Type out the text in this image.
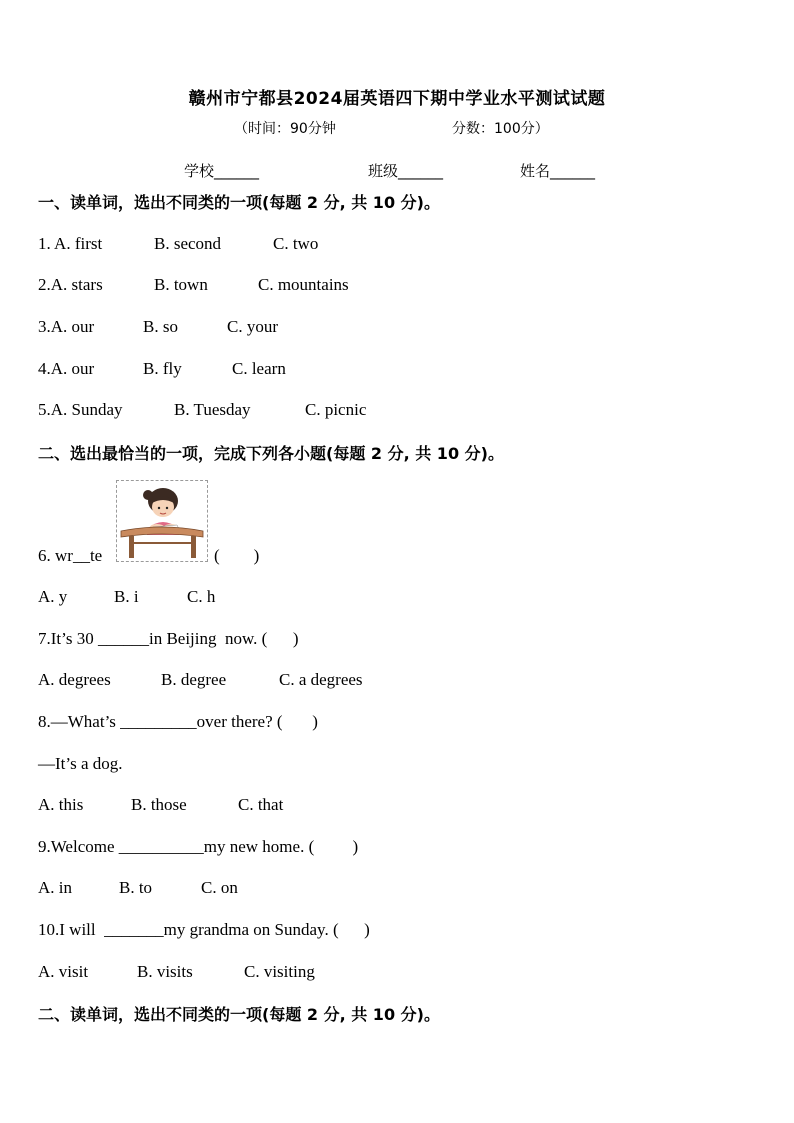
赣州市宁都县2024届英语四下期中学业水平测试试题
（时间：90分钟	分数：100分）
学校______	班级______	姓名______
一、读单词，选出不同类的一项(每题 2 分, 共 10 分)。
1. A. first	B. second	C. two
2.A. stars	B. town	C. mountains
3.A. our	B. so	C. your
4.A. our	B. fly	C. learn
5.A. Sunday	B. Tuesday	C. picnic
二、选出最恰当的一项，完成下列各小题(每题 2 分, 共 10 分)。
6. wr__te	(        )
A. y	B. i	C. h
7.It’s 30 ______in Beijing  now. (      )
A. degrees	B. degree	C. a degrees
8.—What’s _________over there? (       )
—It’s a dog.
A. this	B. those	C. that
9.Welcome __________my new home. (         )
A. in	B. to	C. on
10.I will  _______my grandma on Sunday. (      )
A. visit	B. visits	C. visiting
二、读单词，选出不同类的一项(每题 2 分, 共 10 分)。
